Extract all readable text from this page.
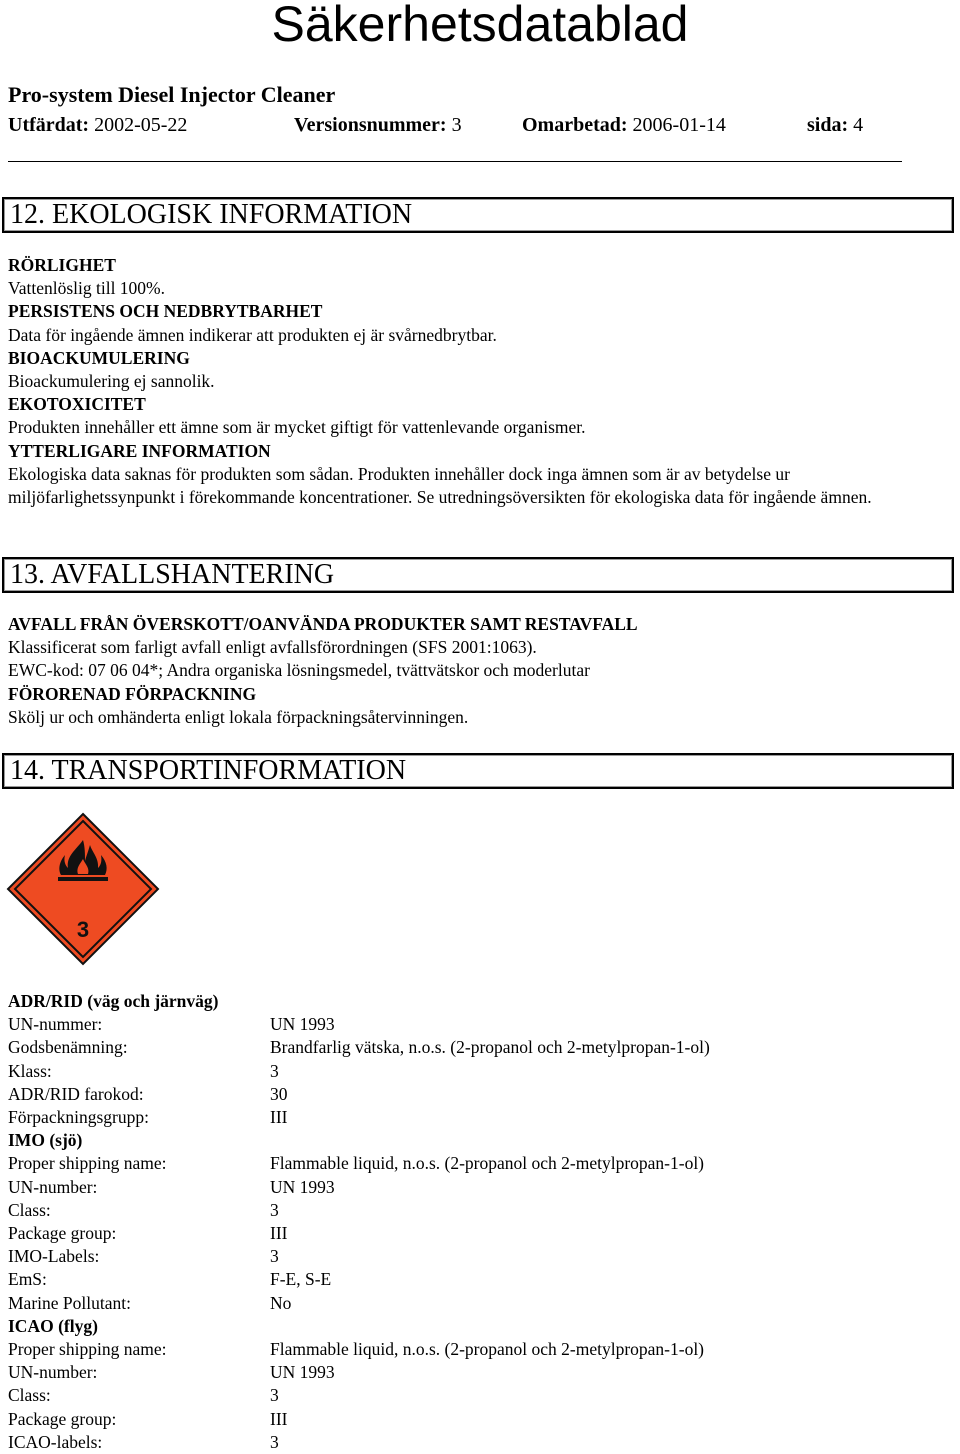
Säkerhetsdatablad
Pro-system Diesel Injector Cleaner
Utfärdat: 2002-05-22	Versionsnummer: 3	Omarbetad: 2006-01-14	sida: 4
12. EKOLOGISK INFORMATION
RÖRLIGHET
Vattenlöslig till 100%.
PERSISTENS OCH NEDBRYTBARHET
Data för ingående ämnen indikerar att produkten ej är svårnedbrytbar.
BIOACKUMULERING
Bioackumulering ej sannolik.
EKOTOXICITET
Produkten innehåller ett ämne som är mycket giftigt för vattenlevande organismer.
YTTERLIGARE INFORMATION
Ekologiska data saknas för produkten som sådan. Produkten innehåller dock inga ämnen som är av betydelse ur miljöfarlighetssynpunkt i förekommande koncentrationer. Se utredningsöversikten för ekologiska data för ingående ämnen.
13. AVFALLSHANTERING
AVFALL FRÅN ÖVERSKOTT/OANVÄNDA PRODUKTER SAMT RESTAVFALL
Klassificerat som farligt avfall enligt avfallsförordningen (SFS 2001:1063).
EWC-kod: 07 06 04*; Andra organiska lösningsmedel, tvättvätskor och moderlutar
FÖRORENAD FÖRPACKNING
Skölj ur och omhänderta enligt lokala förpackningsåtervinningen.
14. TRANSPORTINFORMATION
3
ADR/RID (väg och järnväg)
UN-nummer:	UN 1993
Godsbenämning:	Brandfarlig vätska, n.o.s. (2-propanol och 2-metylpropan-1-ol)
Klass:	3
ADR/RID farokod:	30
Förpackningsgrupp:	III
IMO (sjö)
Proper shipping name:	Flammable liquid, n.o.s. (2-propanol och 2-metylpropan-1-ol)
UN-number:	UN 1993
Class:	3
Package group:	III
IMO-Labels:	3
EmS:	F-E, S-E
Marine Pollutant:	No
ICAO (flyg)
Proper shipping name:	Flammable liquid, n.o.s. (2-propanol och 2-metylpropan-1-ol)
UN-number:	UN 1993
Class:	3
Package group:	III
ICAO-labels:	3
